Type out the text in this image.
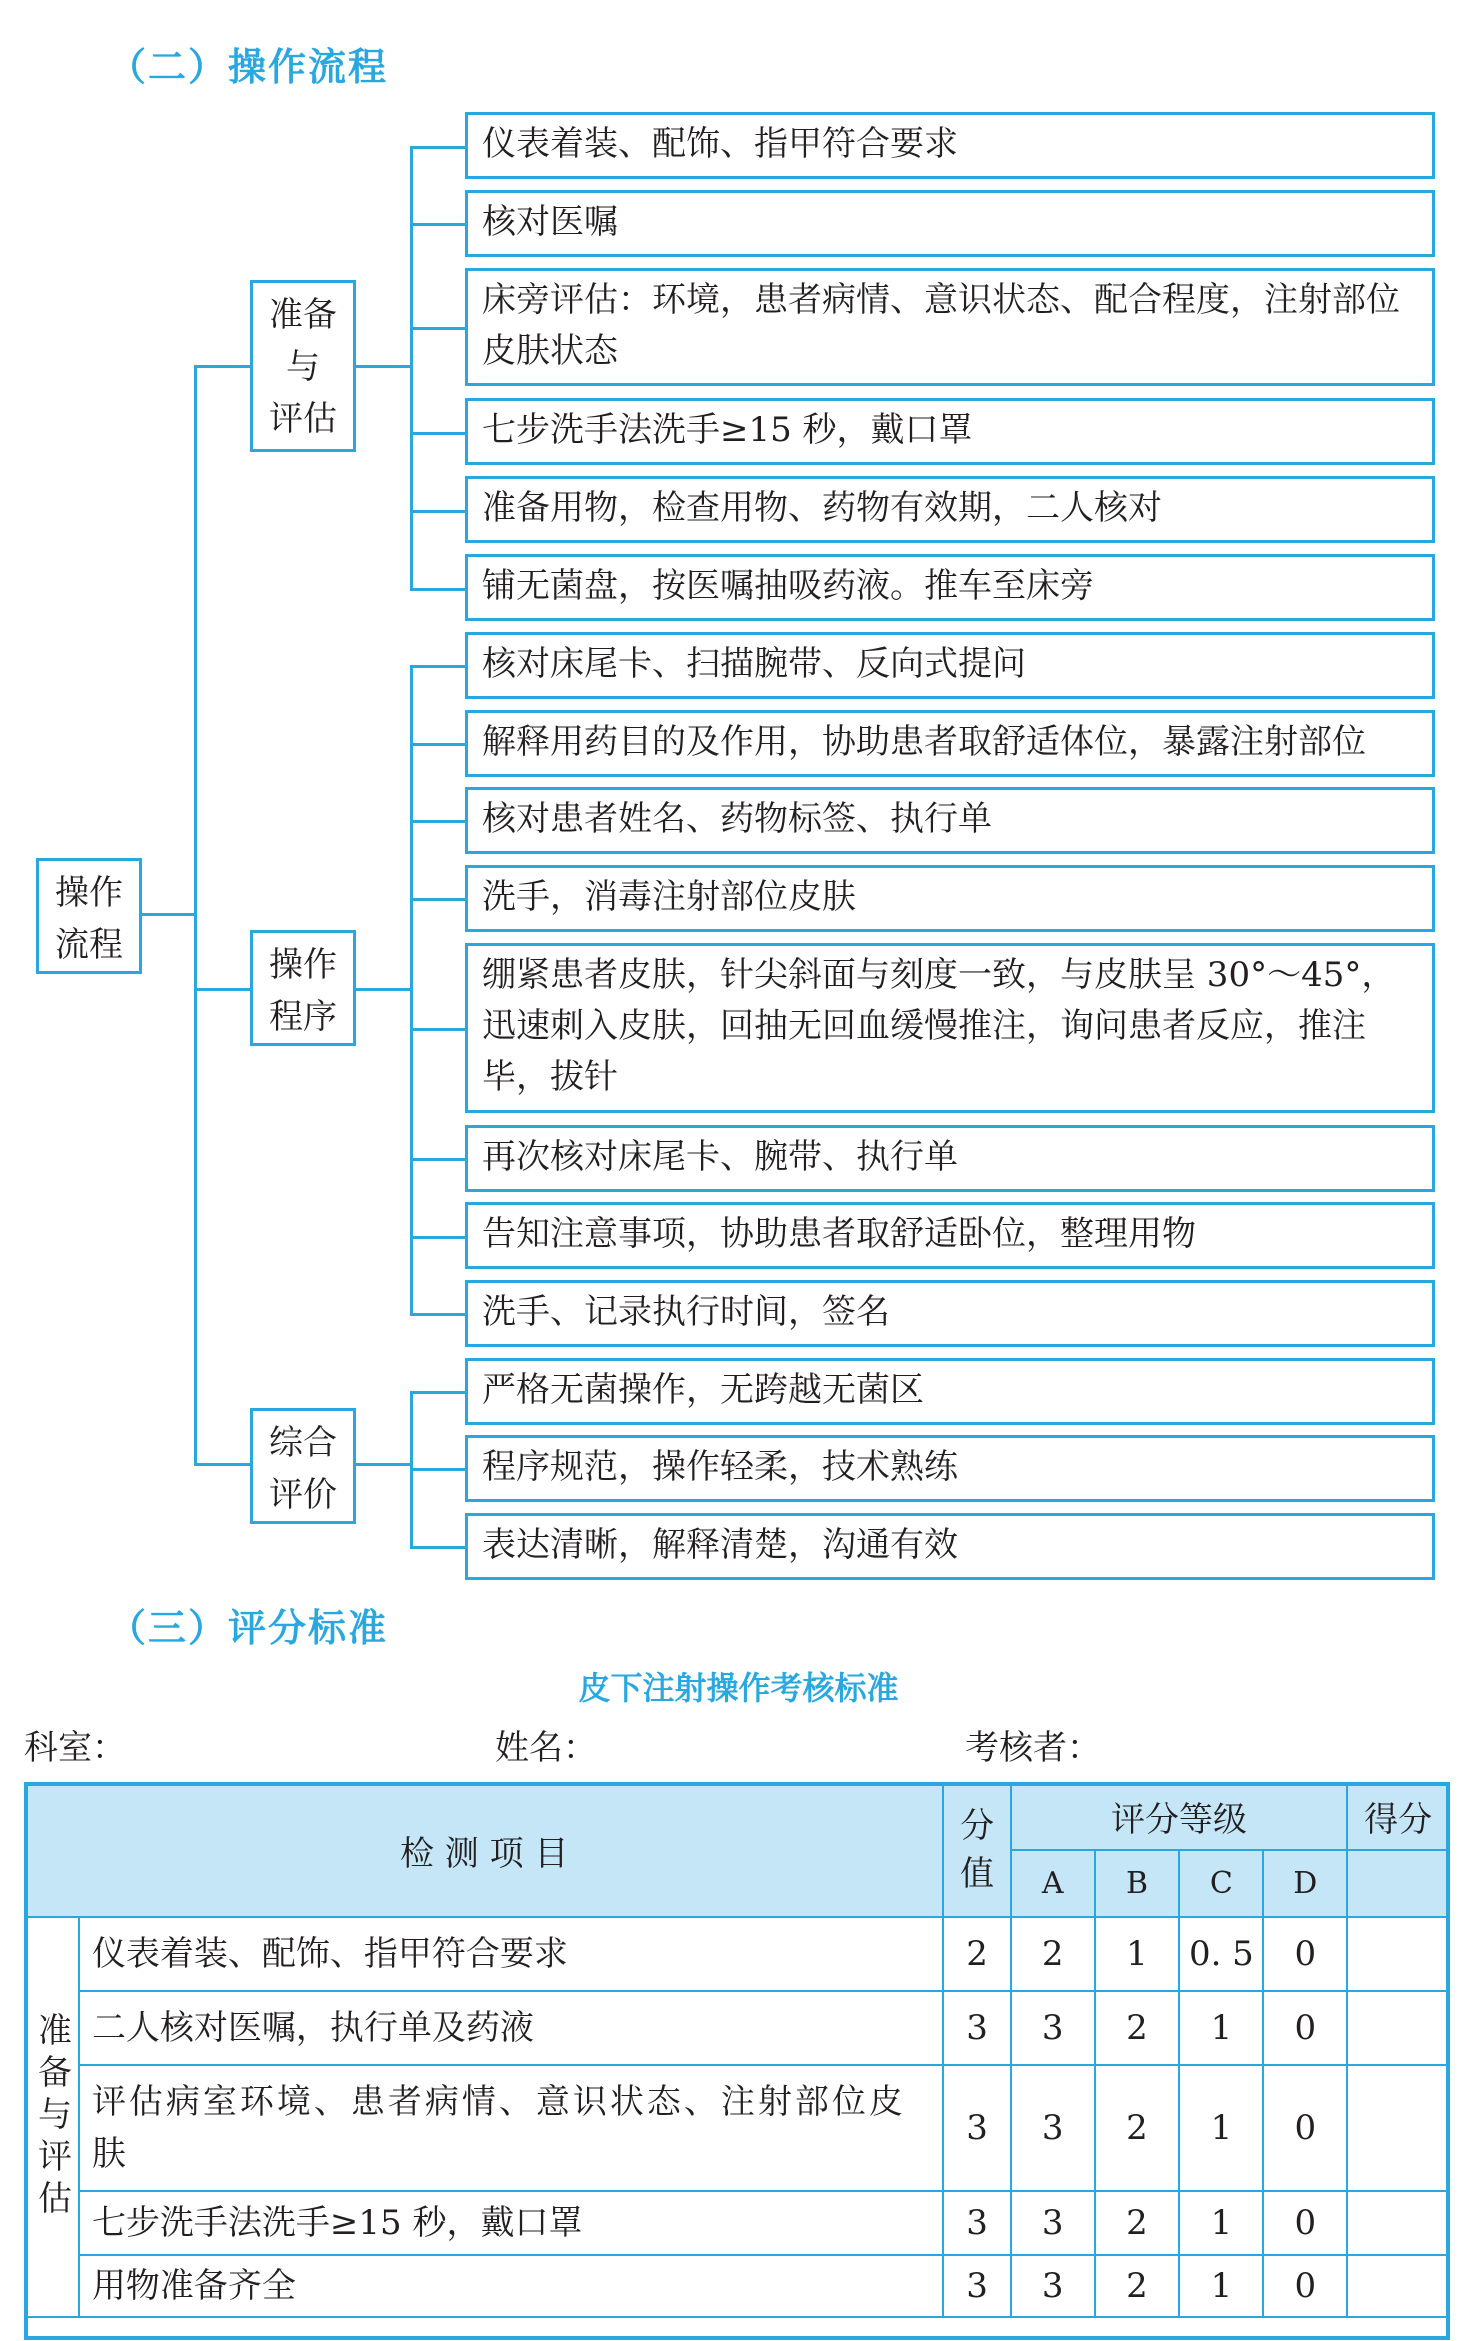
（二）操作流程
操作
流程
准备
与
评估
操作
程序
综合
评价
仪表着装、配饰、指甲符合要求
核对医嘱
床旁评估：环境，患者病情、意识状态、配合程度，注射部位皮肤状态
七步洗手法洗手≥15 秒，戴口罩
准备用物，检查用物、药物有效期，二人核对
铺无菌盘，按医嘱抽吸药液。推车至床旁
核对床尾卡、扫描腕带、反向式提问
解释用药目的及作用，协助患者取舒适体位，暴露注射部位
核对患者姓名、药物标签、执行单
洗手，消毒注射部位皮肤
绷紧患者皮肤，针尖斜面与刻度一致，与皮肤呈 30°～45°，迅速刺入皮肤，回抽无回血缓慢推注，询问患者反应，推注毕，拔针
再次核对床尾卡、腕带、执行单
告知注意事项，协助患者取舒适卧位，整理用物
洗手、记录执行时间，签名
严格无菌操作，无跨越无菌区
程序规范，操作轻柔，技术熟练
表达清晰，解释清楚，沟通有效
（三）评分标准
皮下注射操作考核标准
科室：	姓名：	考核者：
检 测 项 目		分
值	评分等级				得分
			A	B	C	D	
准备与评估	仪表着装、配饰、指甲符合要求	2	2	1	0. 5	0	
	二人核对医嘱，执行单及药液	3	3	2	1	0	
	评估病室环境、患者病情、意识状态、注射部位皮肤	3	3	2	1	0	
	七步洗手法洗手≥15 秒，戴口罩	3	3	2	1	0	
	用物准备齐全	3	3	2	1	0	
